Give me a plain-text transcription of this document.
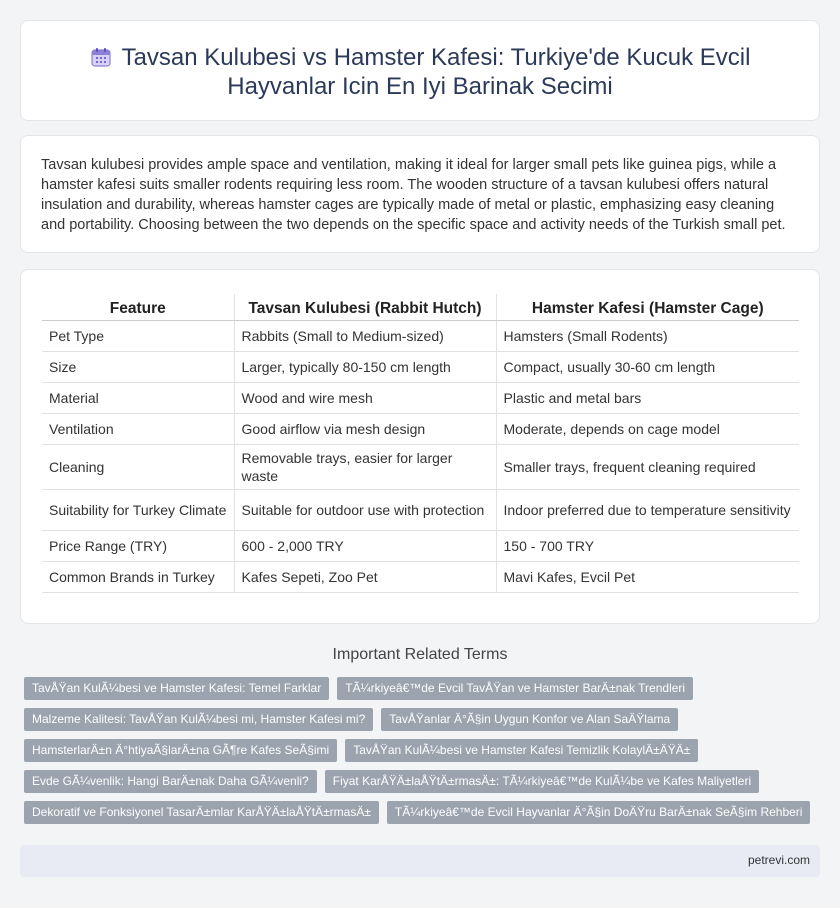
Tavsan Kulubesi vs Hamster Kafesi: Turkiye'de Kucuk Evcil
Hayvanlar Icin En Iyi Barinak Secimi

Tavsan kulubesi provides ample space and ventilation, making it ideal for larger small pets like guinea pigs, while a hamster kafesi suits smaller rodents requiring less room. The wooden structure of a tavsan kulubesi offers natural insulation and durability, whereas hamster cages are typically made of metal or plastic, emphasizing easy cleaning and portability. Choosing between the two depends on the specific space and activity needs of the Turkish small pet.

Feature	Tavsan Kulubesi (Rabbit Hutch)	Hamster Kafesi (Hamster Cage)
Pet Type	Rabbits (Small to Medium-sized)	Hamsters (Small Rodents)
Size	Larger, typically 80-150 cm length	Compact, usually 30-60 cm length
Material	Wood and wire mesh	Plastic and metal bars
Ventilation	Good airflow via mesh design	Moderate, depends on cage model
Cleaning	Removable trays, easier for larger waste	Smaller trays, frequent cleaning required
Suitability for Turkey Climate	Suitable for outdoor use with protection	Indoor preferred due to temperature sensitivity
Price Range (TRY)	600 - 2,000 TRY	150 - 700 TRY
Common Brands in Turkey	Kafes Sepeti, Zoo Pet	Mavi Kafes, Evcil Pet
Important Related Terms
TavÅŸan KulÃ¼besi ve Hamster Kafesi: Temel Farklar	TÃ¼rkiyeâ€™de Evcil TavÅŸan ve Hamster BarÄ±nak Trendleri
Malzeme Kalitesi: TavÅŸan KulÃ¼besi mi, Hamster Kafesi mi?	TavÅŸanlar Ä°Ã§in Uygun Konfor ve Alan SaÄŸlama
HamsterlarÄ±n Ä°htiyaÃ§larÄ±na GÃ¶re Kafes SeÃ§imi	TavÅŸan KulÃ¼besi ve Hamster Kafesi Temizlik KolaylÄ±ÄŸÄ±
Evde GÃ¼venlik: Hangi BarÄ±nak Daha GÃ¼venli?	Fiyat KarÅŸÄ±laÅŸtÄ±rmasÄ±: TÃ¼rkiyeâ€™de KulÃ¼be ve Kafes Maliyetleri
Dekoratif ve Fonksiyonel TasarÄ±mlar KarÅŸÄ±laÅŸtÄ±rmasÄ±	TÃ¼rkiyeâ€™de Evcil Hayvanlar Ä°Ã§in DoÄŸru BarÄ±nak SeÃ§im Rehberi
petrevi.com
